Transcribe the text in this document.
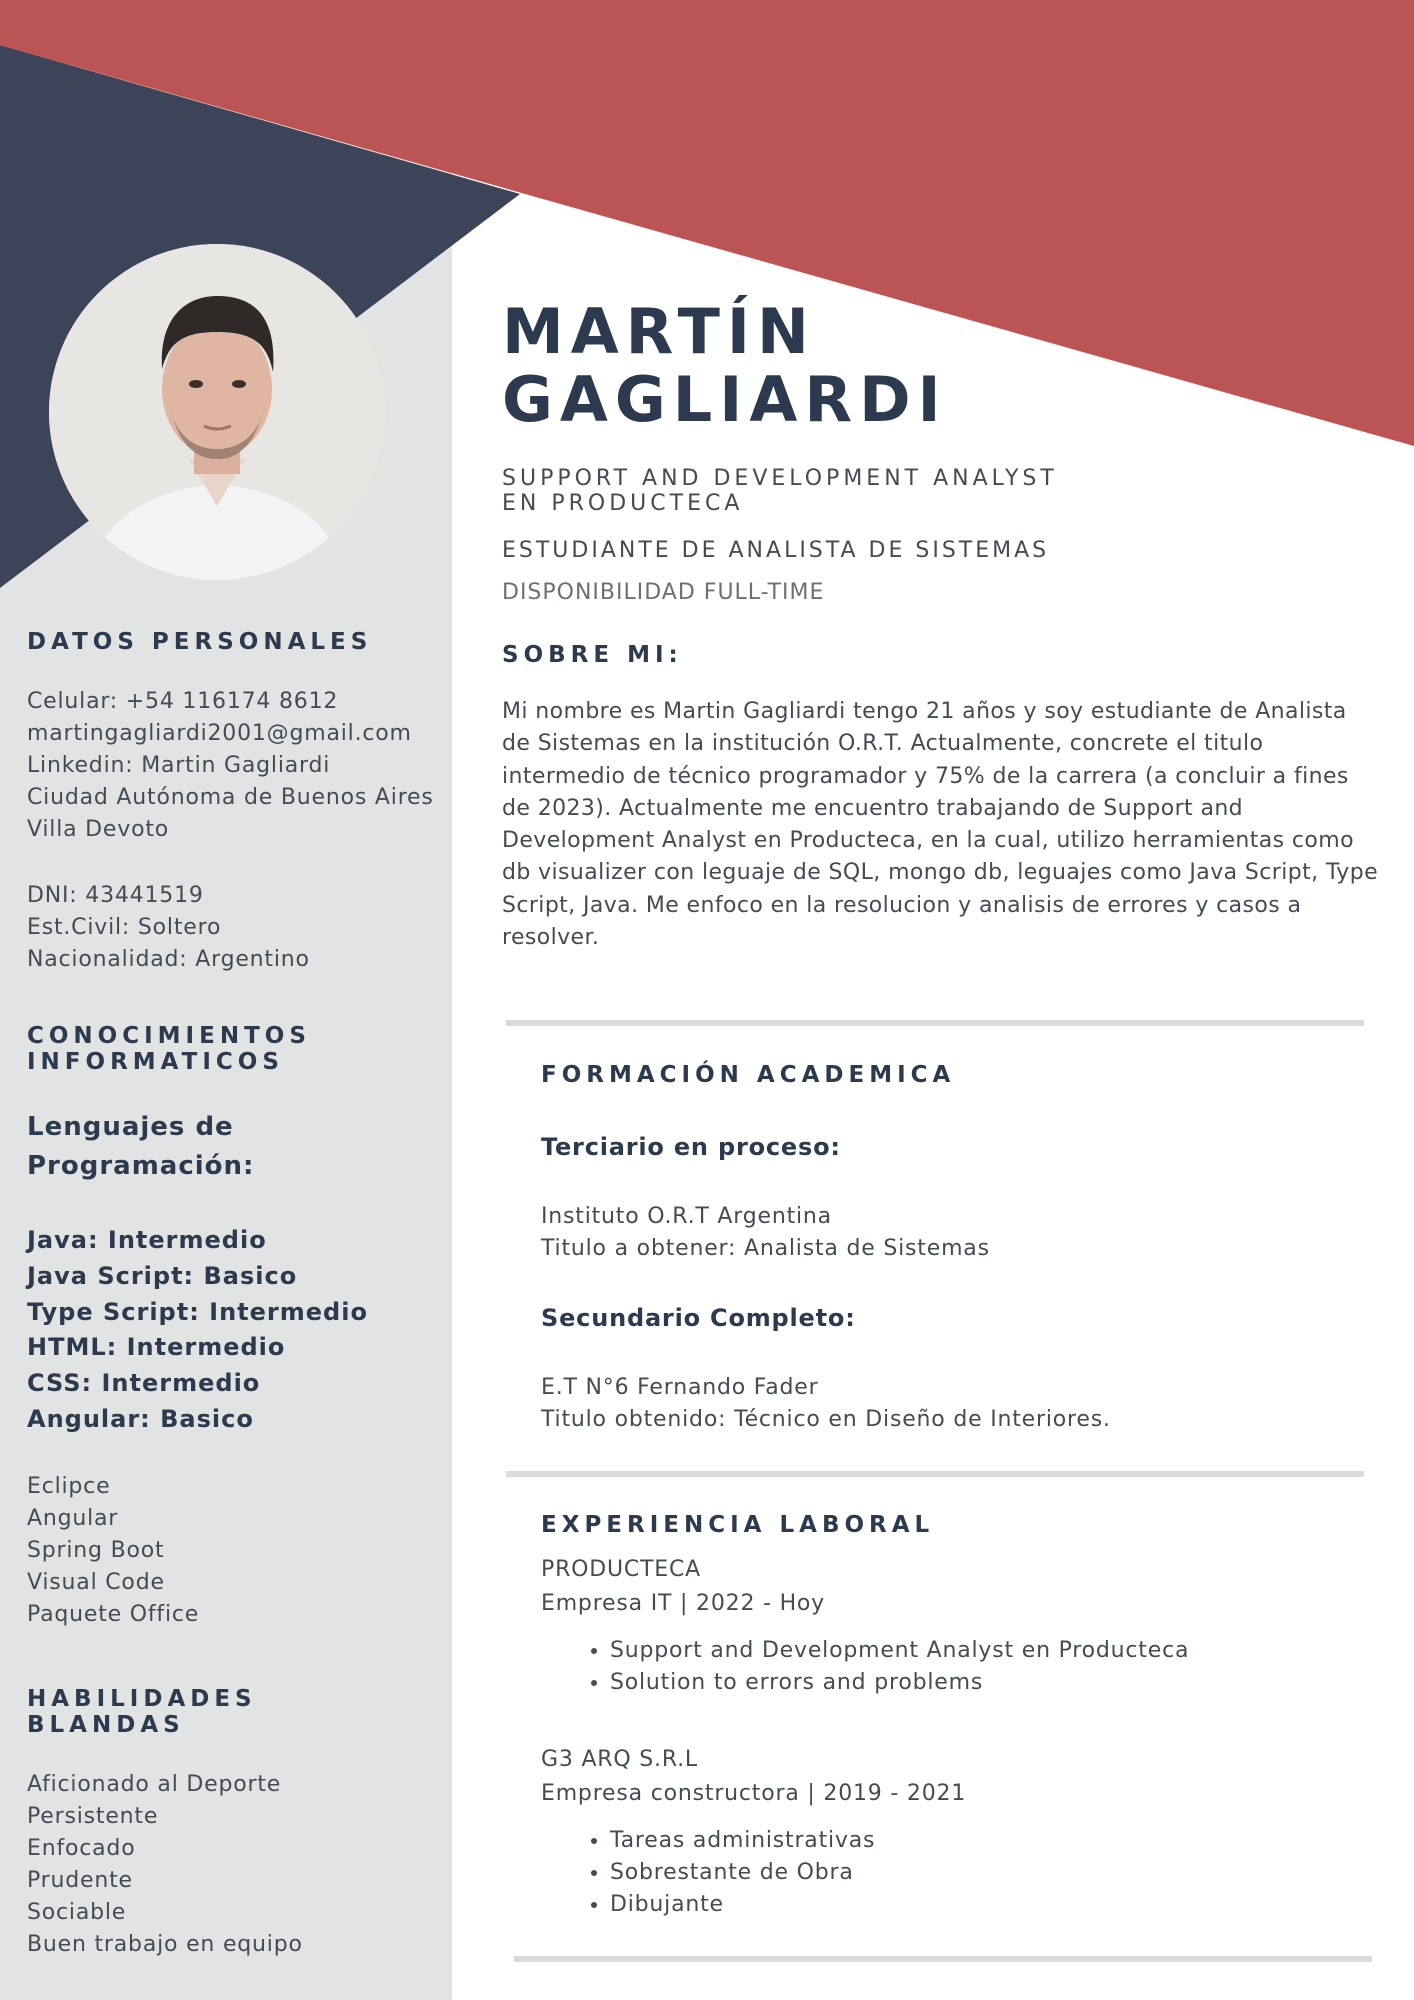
MARTÍN
GAGLIARDI
SUPPORT AND DEVELOPMENT ANALYST
EN PRODUCTECA
ESTUDIANTE DE ANALISTA DE SISTEMAS
DISPONIBILIDAD FULL-TIME
SOBRE MI:
Mi nombre es Martin Gagliardi tengo 21 años y soy estudiante de Analista de Sistemas en la institución O.R.T. Actualmente, concrete el titulo intermedio de técnico programador y 75% de la carrera (a concluir a fines de 2023). Actualmente me encuentro trabajando de Support and Development Analyst en Producteca, en la cual, utilizo herramientas como db visualizer con leguaje de SQL, mongo db, leguajes como Java Script, Type Script, Java. Me enfoco en la resolucion y analisis de errores y casos a resolver.
FORMACIÓN ACADEMICA
Terciario en proceso:
Instituto O.R.T Argentina
Titulo a obtener: Analista de Sistemas
Secundario Completo:
E.T N°6 Fernando Fader
Titulo obtenido: Técnico en Diseño de Interiores.
EXPERIENCIA LABORAL
PRODUCTECA
Empresa IT | 2022 - Hoy
• Support and Development Analyst en Producteca
• Solution to errors and problems
G3 ARQ S.R.L
Empresa constructora | 2019 - 2021
• Tareas administrativas
• Sobrestante de Obra
• Dibujante
DATOS PERSONALES
Celular: +54 116174 8612
martingagliardi2001@gmail.com
Linkedin: Martin Gagliardi
Ciudad Autónoma de Buenos Aires
Villa Devoto
DNI: 43441519
Est.Civil: Soltero
Nacionalidad: Argentino
CONOCIMIENTOS
INFORMATICOS
Lenguajes de
Programación:
Java: Intermedio
Java Script: Basico
Type Script: Intermedio
HTML: Intermedio
CSS: Intermedio
Angular: Basico
Eclipce
Angular
Spring Boot
Visual Code
Paquete Office
HABILIDADES
BLANDAS
Aficionado al Deporte
Persistente
Enfocado
Prudente
Sociable
Buen trabajo en equipo
